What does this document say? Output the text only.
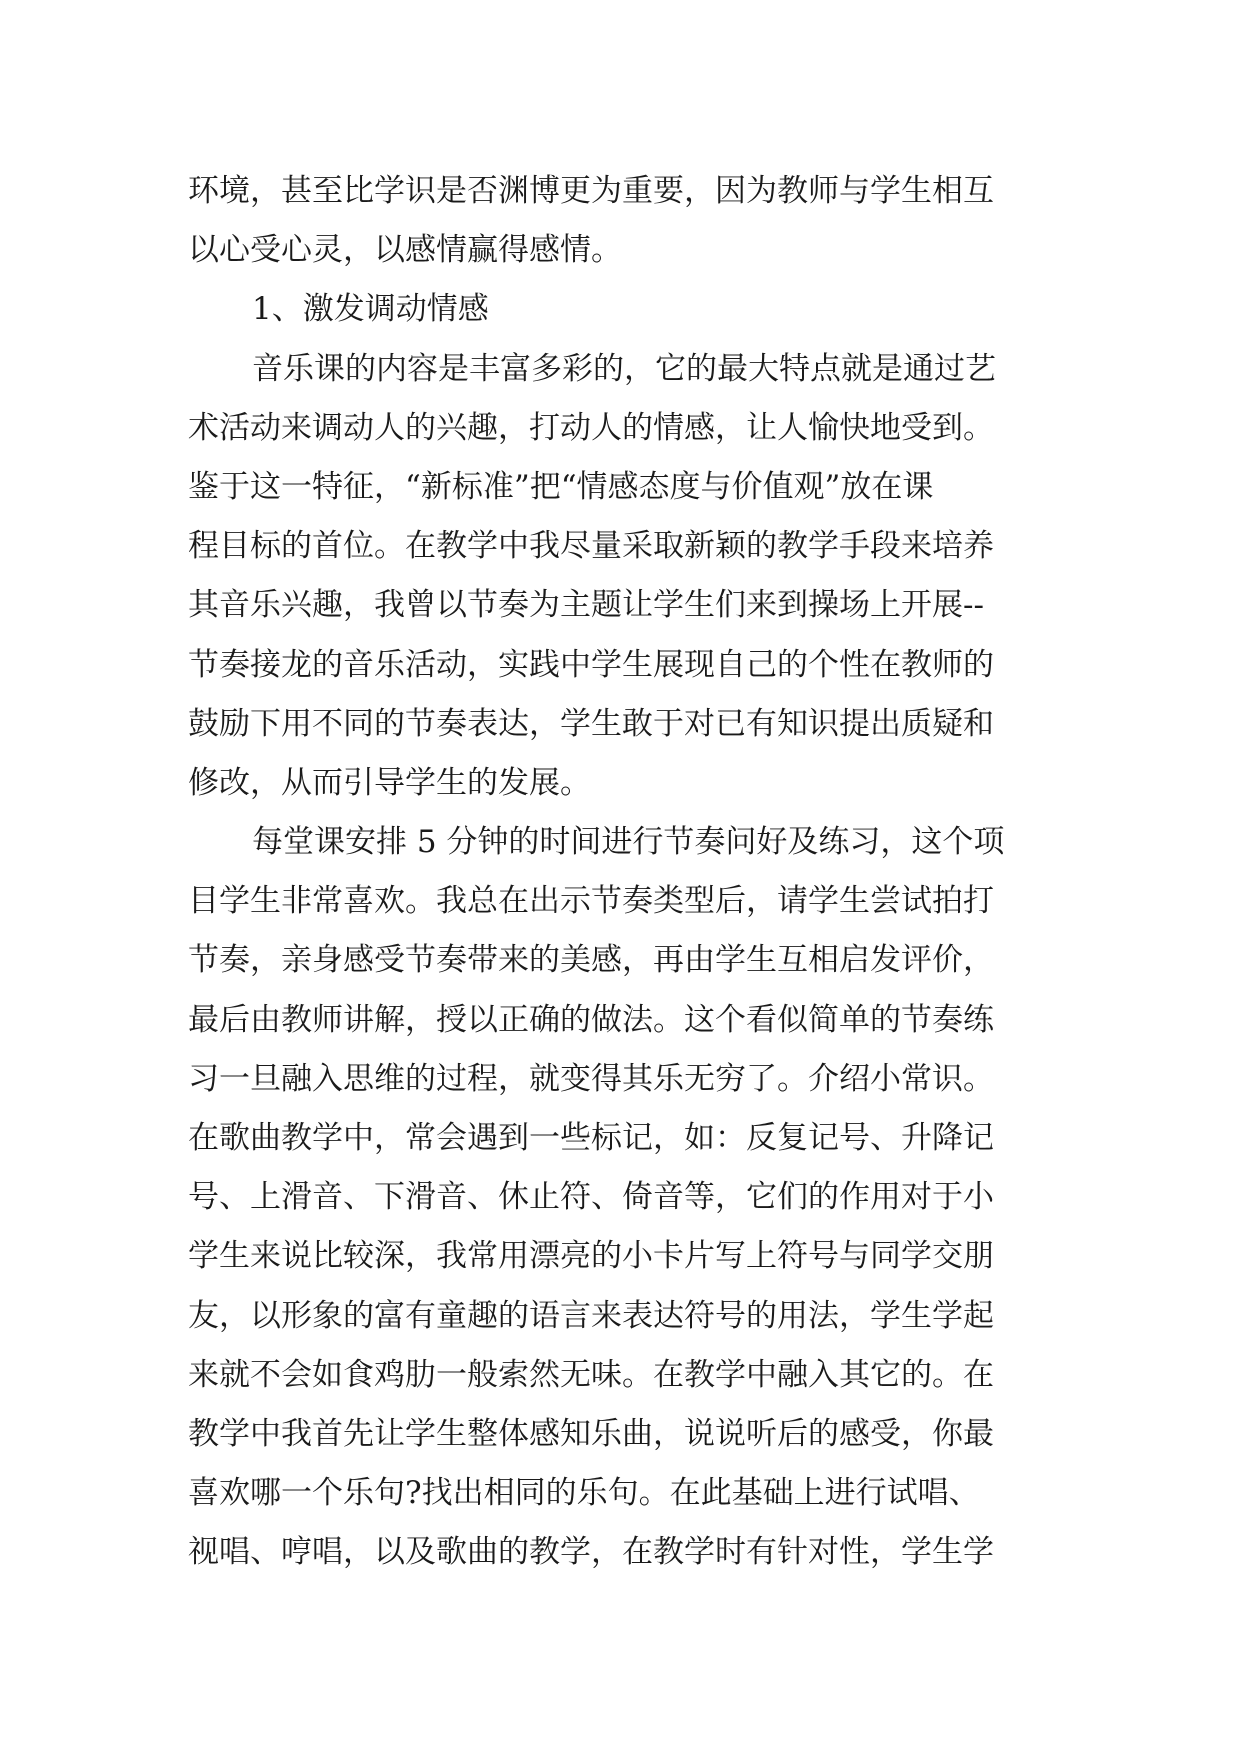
环境，甚至比学识是否渊博更为重要，因为教师与学生相互
以心受心灵，以感情赢得感情。
1、激发调动情感
音乐课的内容是丰富多彩的，它的最大特点就是通过艺
术活动来调动人的兴趣，打动人的情感，让人愉快地受到。
鉴于这一特征，“新标准”把“情感态度与价值观”放在课
程目标的首位。在教学中我尽量采取新颖的教学手段来培养
其音乐兴趣，我曾以节奏为主题让学生们来到操场上开展--
节奏接龙的音乐活动，实践中学生展现自己的个性在教师的
鼓励下用不同的节奏表达，学生敢于对已有知识提出质疑和
修改，从而引导学生的发展。
每堂课安排 5 分钟的时间进行节奏问好及练习，这个项
目学生非常喜欢。我总在出示节奏类型后，请学生尝试拍打
节奏，亲身感受节奏带来的美感，再由学生互相启发评价，
最后由教师讲解，授以正确的做法。这个看似简单的节奏练
习一旦融入思维的过程，就变得其乐无穷了。介绍小常识。
在歌曲教学中，常会遇到一些标记，如：反复记号、升降记
号、上滑音、下滑音、休止符、倚音等，它们的作用对于小
学生来说比较深，我常用漂亮的小卡片写上符号与同学交朋
友，以形象的富有童趣的语言来表达符号的用法，学生学起
来就不会如食鸡肋一般索然无味。在教学中融入其它的。在
教学中我首先让学生整体感知乐曲，说说听后的感受，你最
喜欢哪一个乐句?找出相同的乐句。在此基础上进行试唱、
视唱、哼唱，以及歌曲的教学，在教学时有针对性，学生学
